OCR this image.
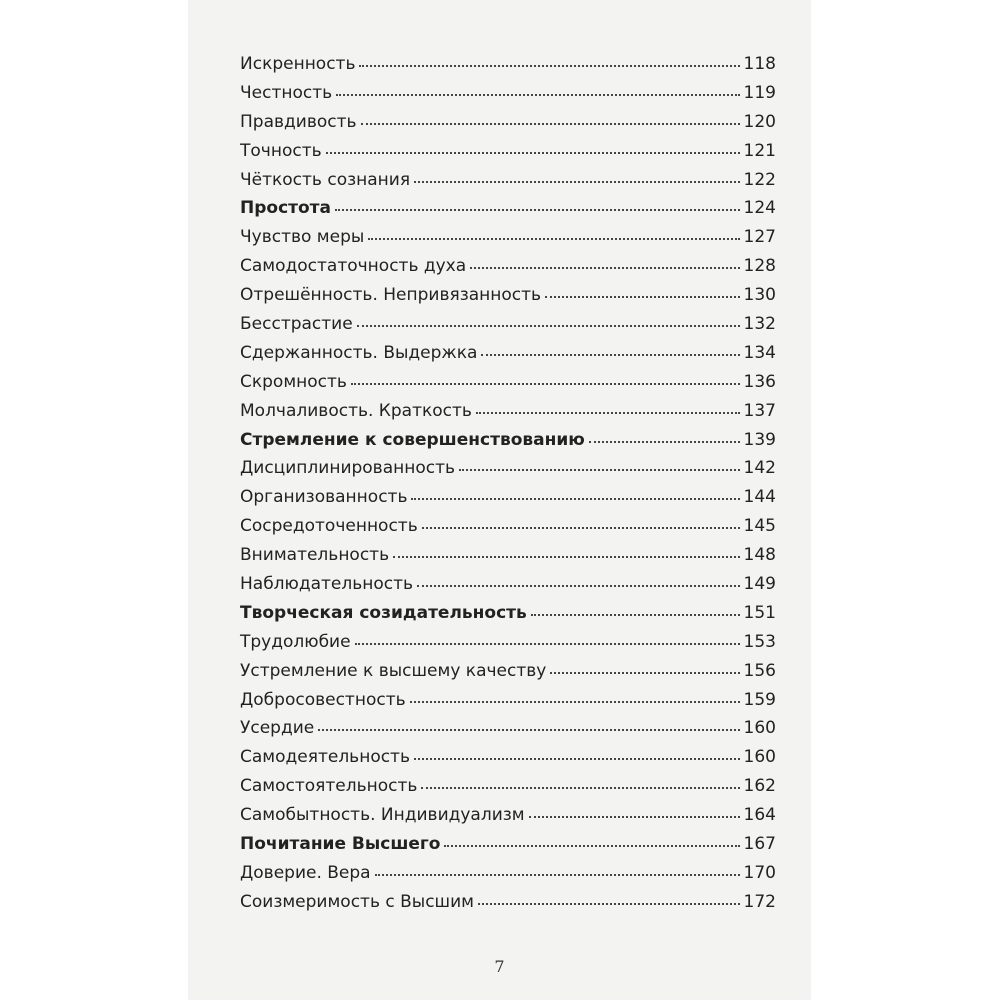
Искренность	118
Честность	119
Правдивость	120
Точность	121
Чёткость сознания	122
Простота	124
Чувство меры	127
Самодостаточность духа	128
Отрешённость. Непривязанность	130
Бесстрастие	132
Сдержанность. Выдержка	134
Скромность	136
Молчаливость. Краткость	137
Стремление к совершенствованию	139
Дисциплинированность	142
Организованность	144
Сосредоточенность	145
Внимательность	148
Наблюдательность	149
Творческая созидательность	151
Трудолюбие	153
Устремление к высшему качеству	156
Добросовестность	159
Усердие	160
Самодеятельность	160
Самостоятельность	162
Самобытность. Индивидуализм	164
Почитание Высшего	167
Доверие. Вера	170
Соизмеримость с Высшим	172
7
